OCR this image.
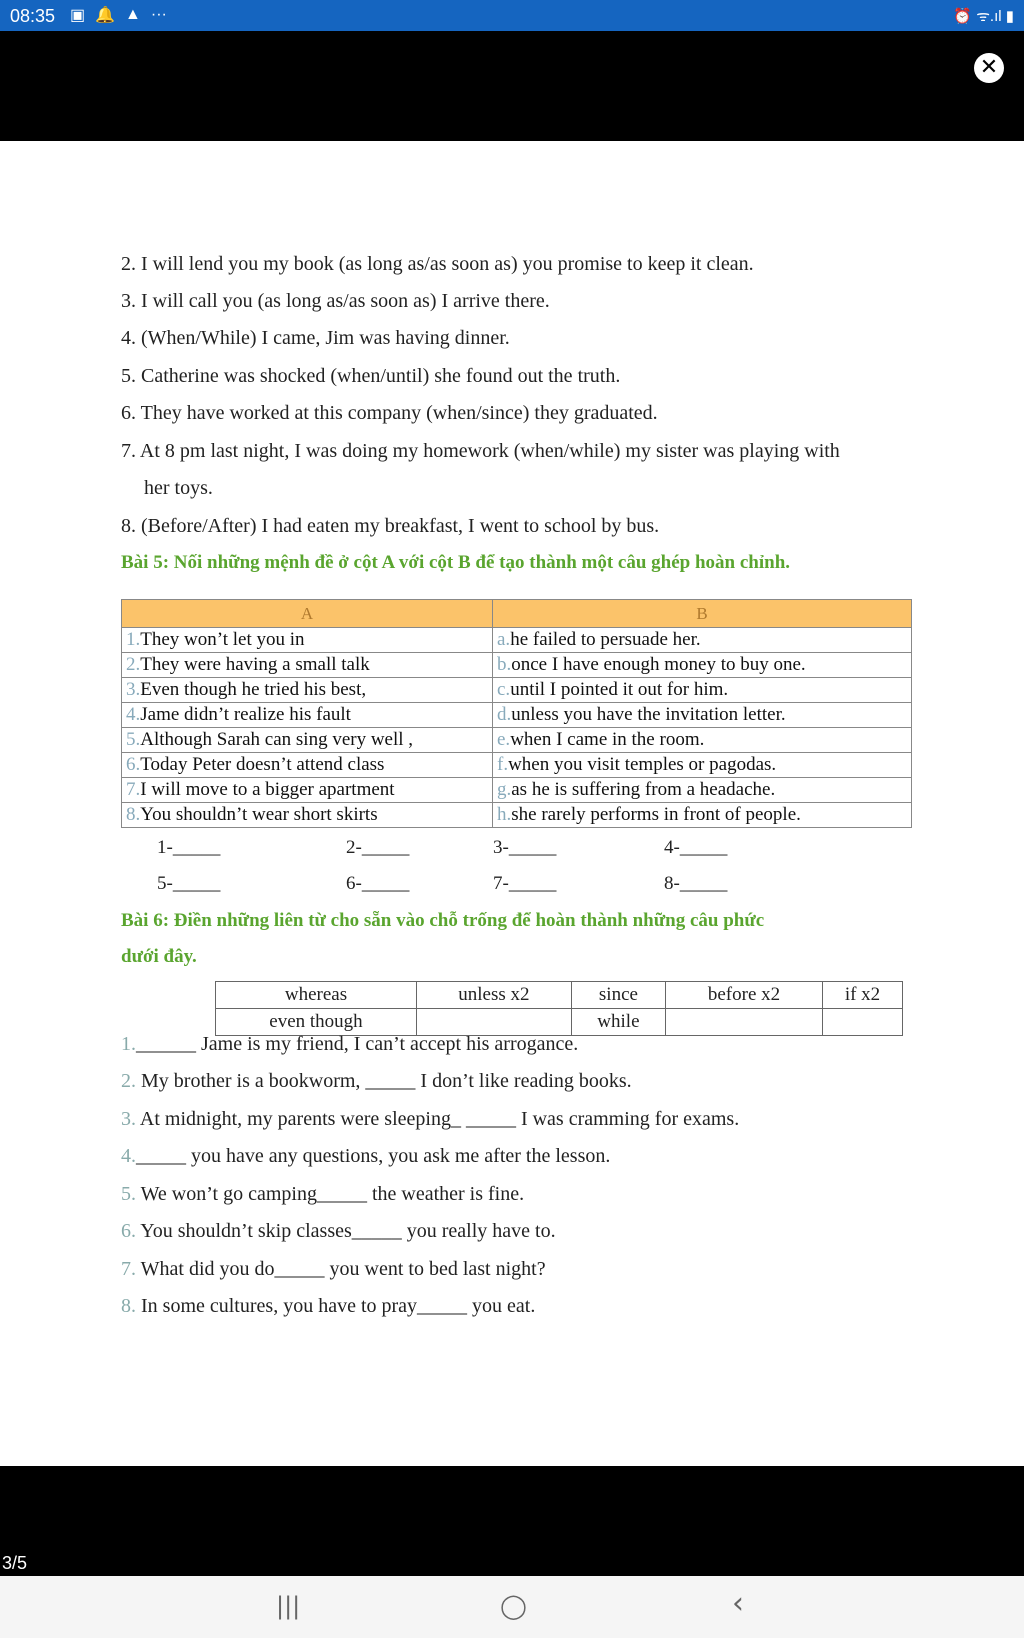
08:35 ▣ 🔔 ▲ ···	⏰ ᯤ.ıl ▮
✕
2. I will lend you my book (as long as/as soon as) you promise to keep it clean.
3. I will call you (as long as/as soon as) I arrive there.
4. (When/While) I came, Jim was having dinner.
5. Catherine was shocked (when/until) she found out the truth.
6. They have worked at this company (when/since) they graduated.
7. At 8 pm last night, I was doing my homework (when/while) my sister was playing with
her toys.
8. (Before/After) I had eaten my breakfast, I went to school by bus.
Bài 5: Nối những mệnh đề ở cột A với cột B để tạo thành một câu ghép hoàn chỉnh.
A	B
1.They won’t let you in	a.he failed to persuade her.
2.They were having a small talk	b.once I have enough money to buy one.
3.Even though he tried his best,	c.until I pointed it out for him.
4.Jame didn’t realize his fault	d.unless you have the invitation letter.
5.Although Sarah can sing very well ,	e.when I came in the room.
6.Today Peter doesn’t attend class	f.when you visit temples or pagodas.
7.I will move to a bigger apartment	g.as he is suffering from a headache.
8.You shouldn’t wear short skirts	h.she rarely performs in front of people.
1-_____	2-_____	3-_____	4-_____
5-_____	6-_____	7-_____	8-_____
Bài 6: Điền những liên từ cho sẵn vào chỗ trống để hoàn thành những câu phức
dưới đây.
whereas	unless x2	since	before x2	if x2
even though		while		
1.______ Jame is my friend, I can’t accept his arrogance.
2. My brother is a bookworm, _____ I don’t like reading books.
3. At midnight, my parents were sleeping_ _____ I was cramming for exams.
4._____ you have any questions, you ask me after the lesson.
5. We won’t go camping_____ the weather is fine.
6. You shouldn’t skip classes_____ you really have to.
7. What did you do_____ you went to bed last night?
8. In some cultures, you have to pray_____ you eat.
3/5
|||	◯	‹
